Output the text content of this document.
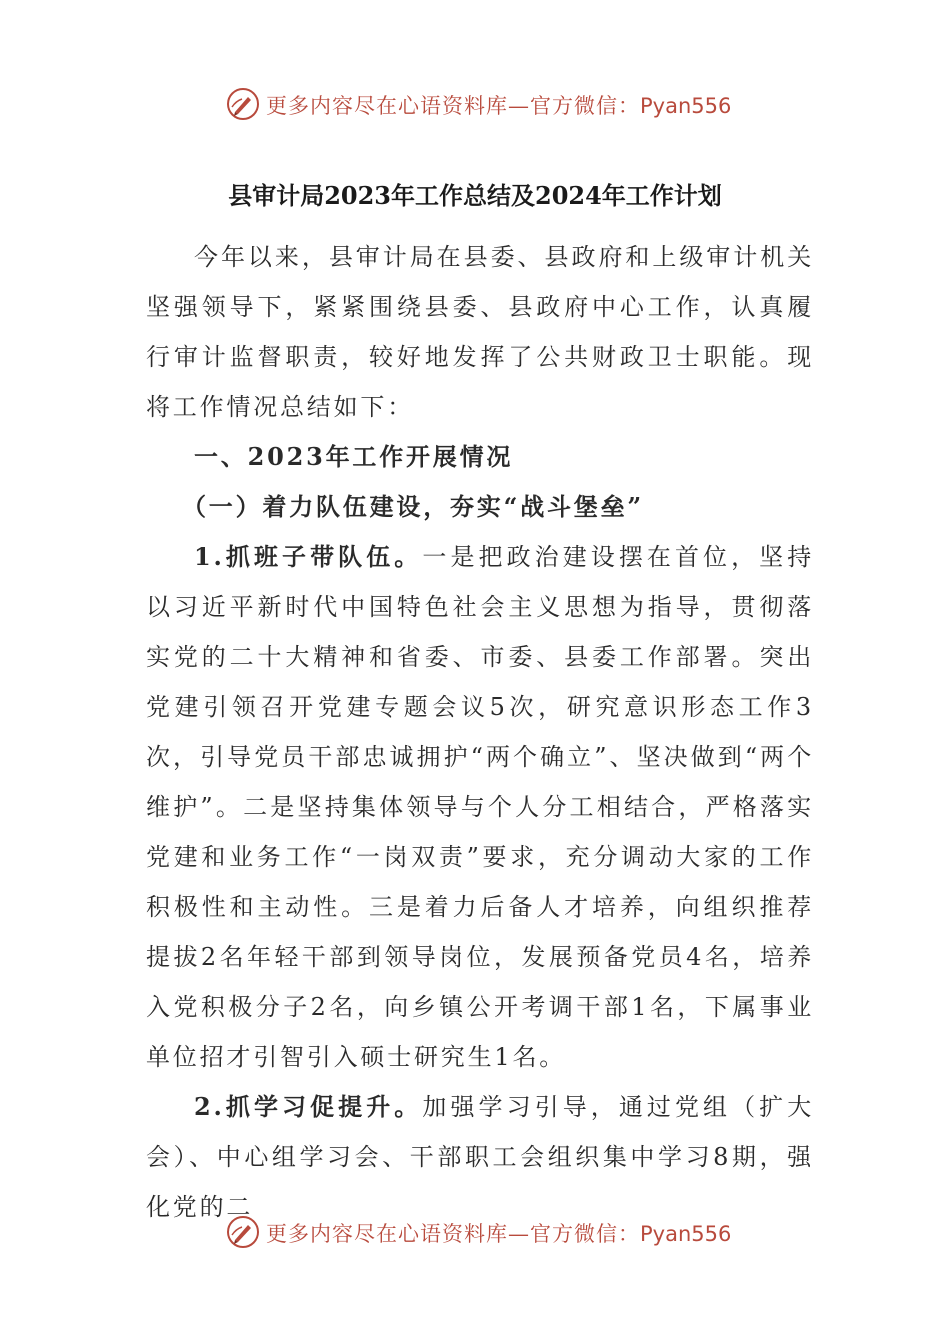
更多内容尽在心语资料库—官方微信：Pyan556
县审计局2023年工作总结及2024年工作计划

今年以来，县审计局在县委、县政府和上级审计机关坚强领导下，紧紧围绕县委、县政府中心工作，认真履行审计监督职责，较好地发挥了公共财政卫士职能。现将工作情况总结如下：

一、2023年工作开展情况

（一）着力队伍建设，夯实“战斗堡垒”

1.抓班子带队伍。一是把政治建设摆在首位，坚持以习近平新时代中国特色社会主义思想为指导，贯彻落实党的二十大精神和省委、市委、县委工作部署。突出党建引领召开党建专题会议5次，研究意识形态工作3次，引导党员干部忠诚拥护“两个确立”、坚决做到“两个维护”。二是坚持集体领导与个人分工相结合，严格落实党建和业务工作“一岗双责”要求，充分调动大家的工作积极性和主动性。三是着力后备人才培养，向组织推荐提拔2名年轻干部到领导岗位，发展预备党员4名，培养入党积极分子2名，向乡镇公开考调干部1名，下属事业单位招才引智引入硕士研究生1名。

2.抓学习促提升。加强学习引导，通过党组（扩大会）、中心组学习会、干部职工会组织集中学习8期，强化党的二

更多内容尽在心语资料库—官方微信：Pyan556
